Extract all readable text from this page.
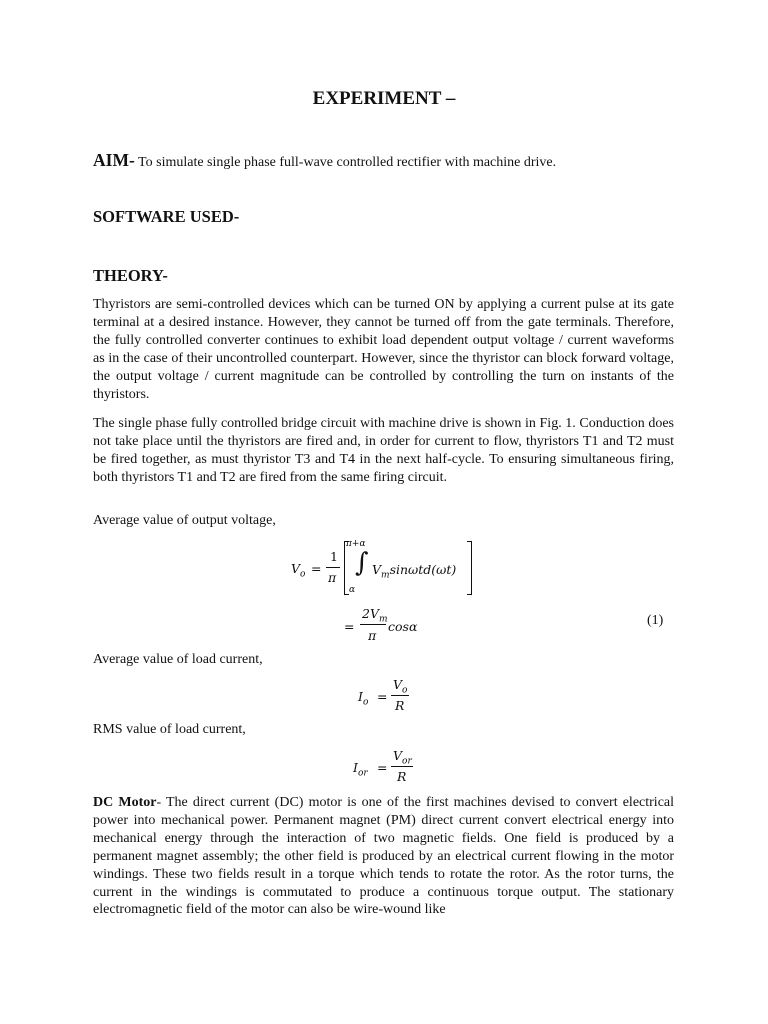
EXPERIMENT –
AIM- To simulate single phase full-wave controlled rectifier with machine drive.
SOFTWARE USED-
THEORY-
Thyristors are semi-controlled devices which can be turned ON by applying a current pulse at its gate terminal at a desired instance. However, they cannot be turned off from the gate terminals. Therefore, the fully controlled converter continues to exhibit load dependent output voltage / current waveforms as in the case of their uncontrolled counterpart. However, since the thyristor can block forward voltage, the output voltage / current magnitude can be controlled by controlling the turn on instants of the thyristors.
The single phase fully controlled bridge circuit with machine drive is shown in Fig. 1. Conduction does not take place until the thyristors are fired and, in order for current to flow, thyristors T1 and T2 must be fired together, as must thyristor T3 and T4 in the next half-cycle. To ensuring simultaneous firing, both thyristors T1 and T2 are fired from the same firing circuit.
Average value of output voltage,
$V_o$ =
1
π
π+α
∫
α
$V_m\sin\omega td(\omega t)$
=
$2V_m$
π
cosα	(1)
Average value of load current,
$I_o$ =
$V_o$
R
RMS value of load current,
$I_{or}$ =
$V_{or}$
R
DC Motor- The direct current (DC) motor is one of the first machines devised to convert electrical power into mechanical power. Permanent magnet (PM) direct current convert electrical energy into mechanical energy through the interaction of two magnetic fields. One field is produced by a permanent magnet assembly; the other field is produced by an electrical current flowing in the motor windings. These two fields result in a torque which tends to rotate the rotor. As the rotor turns, the current in the windings is commutated to produce a continuous torque output. The stationary electromagnetic field of the motor can also be wire-wound like
